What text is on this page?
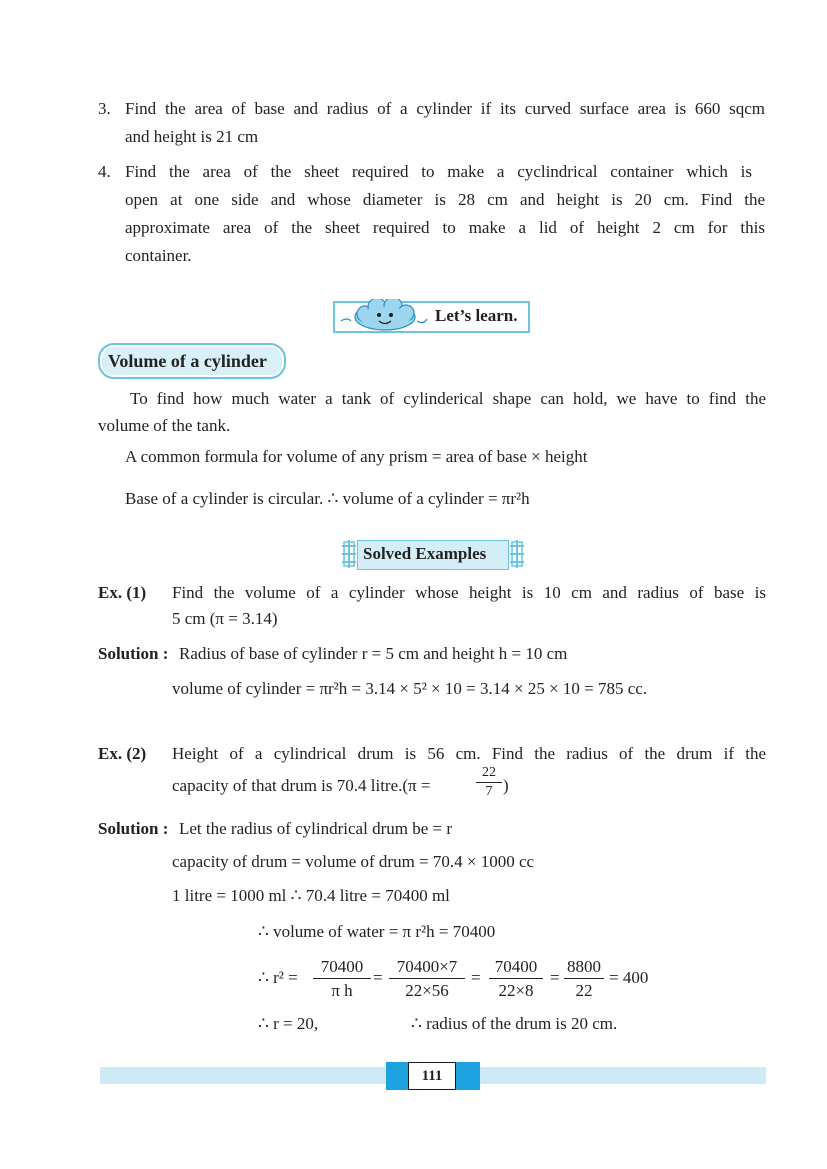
3. Find the area of base and radius of a cylinder if its curved surface area is 660 sqcm
and height is 21 cm
4. Find the area of the sheet required to make a cyclindrical container which is
open at one side and whose diameter is 28 cm and height is 20 cm. Find the
approximate area of the sheet required to make a lid of height 2 cm for this
container.
Let’s learn.
Volume of a cylinder
To find how much water a tank of cylinderical shape can hold, we have to find the
volume of the tank.
A common formula for volume of any prism = area of base × height
Base of a cylinder is circular. ∴ volume of a cylinder = πr²h
Solved Examples
Ex. (1) Find the volume of a cylinder whose height is 10 cm and radius of base is
5 cm (π = 3.14)
Solution : Radius of base of cylinder r = 5 cm and height h = 10 cm
volume of cylinder = πr²h = 3.14 × 5² × 10 = 3.14 × 25 × 10 = 785 cc.
Ex. (2) Height of a cylindrical drum is 56 cm. Find the radius of the drum if the
capacity of that drum is 70.4 litre.(π =	$\frac{22}{7}$ )
Solution : Let the radius of cylindrical drum be = r
capacity of drum = volume of drum = 70.4 × 1000 cc
1 litre = 1000 ml ∴ 70.4 litre = 70400 ml
∴ volume of water = π r²h = 70400
∴ $r^2 = \frac{70400}{\text{π h}} = \frac{70400\times 7}{22\times 56} = \frac{70400}{22\times 8} = \frac{8800}{22} = 400$
∴ r = 20,	∴ radius of the drum is 20 cm.
111
